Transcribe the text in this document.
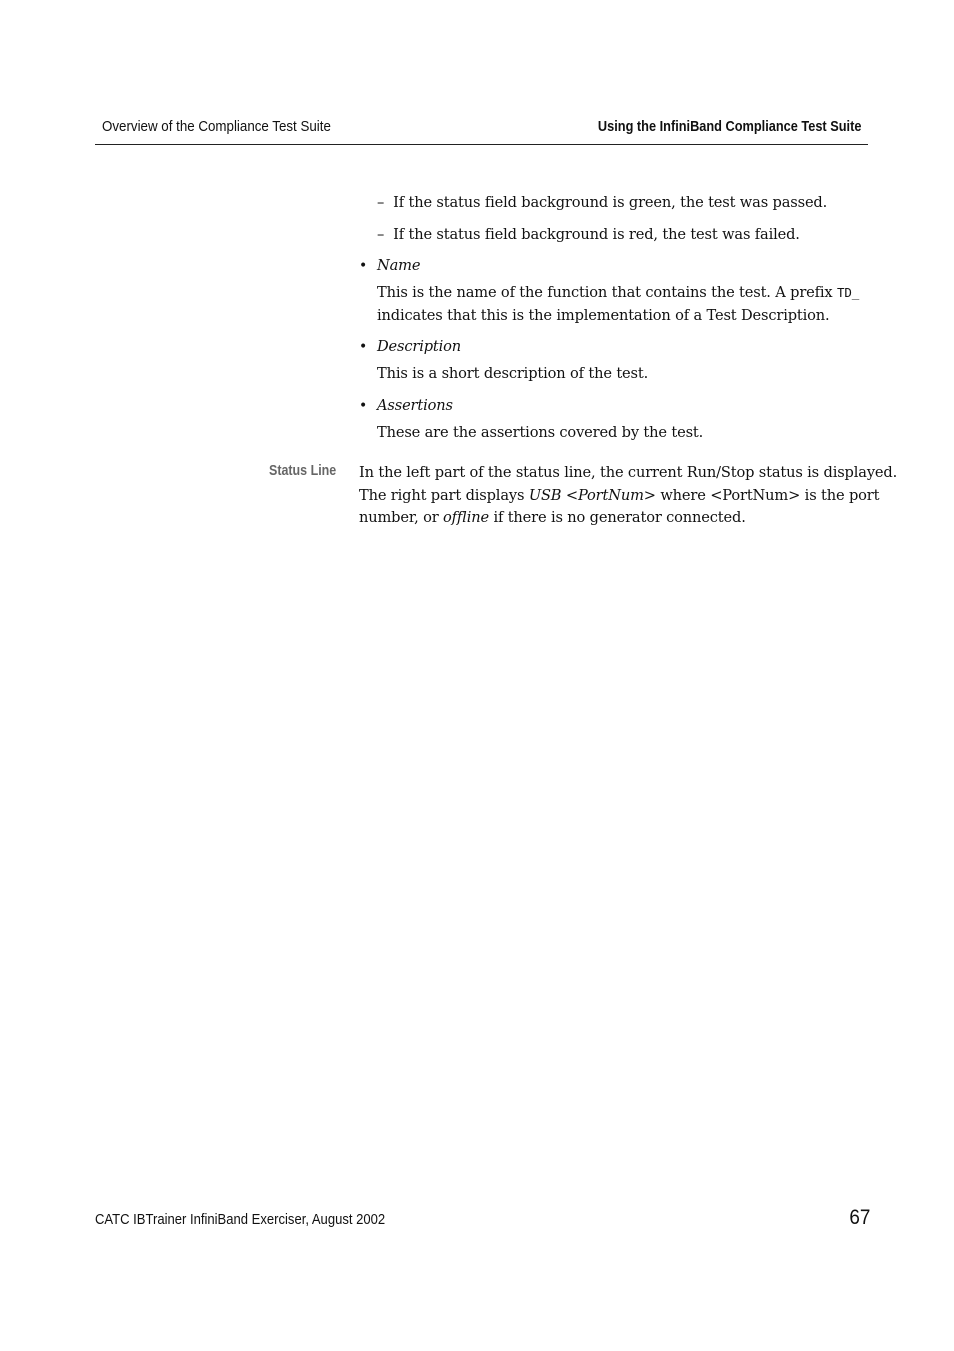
Overview of the Compliance Test Suite	Using the InfiniBand Compliance Test Suite
–  If the status field background is green, the test was passed.
–  If the status field background is red, the test was failed.
• Name
This is the name of the function that contains the test. A prefix TD_
indicates that this is the implementation of a Test Description.
• Description
This is a short description of the test.
• Assertions
These are the assertions covered by the test.
Status Line In the left part of the status line, the current Run/Stop status is displayed.
The right part displays USB <PortNum> where <PortNum> is the port
number, or offline if there is no generator connected.
CATC IBTrainer InfiniBand Exerciser, August 2002	67
